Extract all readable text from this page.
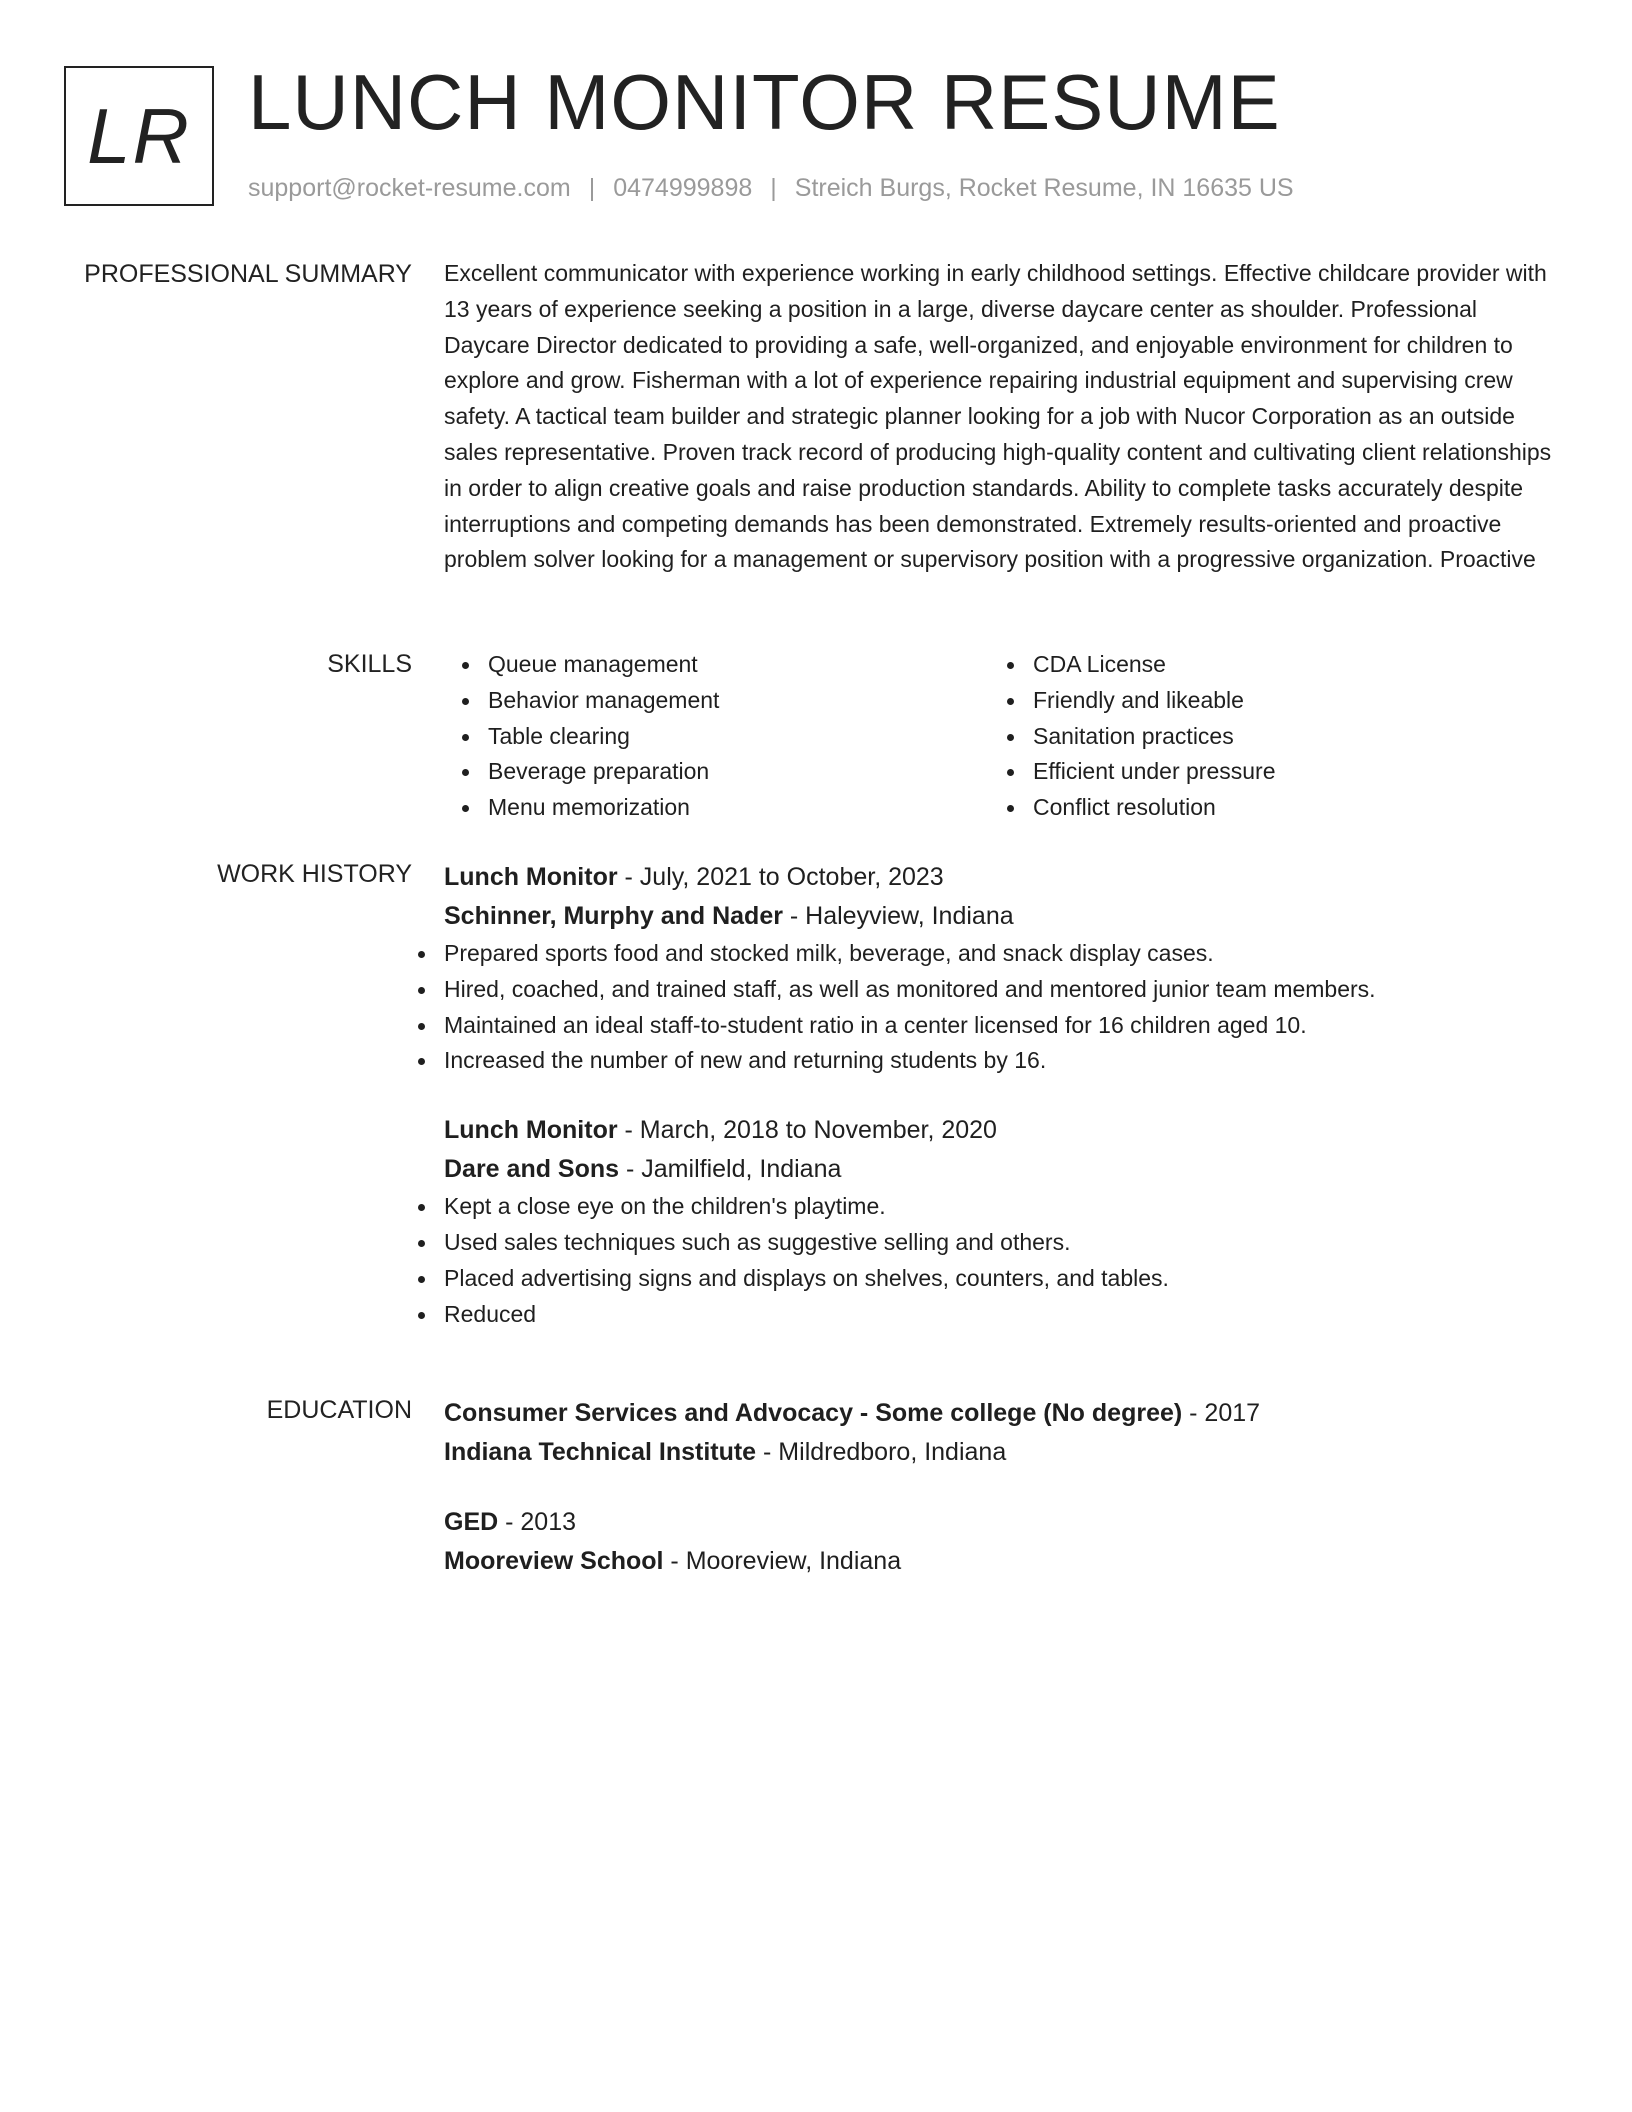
LR LUNCH MONITOR RESUME
support@rocket-resume.com | 0474999898 | Streich Burgs, Rocket Resume, IN 16635 US
PROFESSIONAL SUMMARY Excellent communicator with experience working in early childhood settings. Effective childcare provider with 13 years of experience seeking a position in a large, diverse daycare center as shoulder. Professional Daycare Director dedicated to providing a safe, well-organized, and enjoyable environment for children to explore and grow. Fisherman with a lot of experience repairing industrial equipment and supervising crew safety. A tactical team builder and strategic planner looking for a job with Nucor Corporation as an outside sales representative. Proven track record of producing high-quality content and cultivating client relationships in order to align creative goals and raise production standards. Ability to complete tasks accurately despite interruptions and competing demands has been demonstrated. Extremely results-oriented and proactive problem solver looking for a management or supervisory position with a progressive organization. Proactive

SKILLS	Queue management
Behavior management
Table clearing
Beverage preparation
Menu memorization
CDA License
Friendly and likeable
Sanitation practices
Efficient under pressure
Conflict resolution
WORK HISTORY Lunch Monitor - July, 2021 to October, 2023
Schinner, Murphy and Nader - Haleyview, Indiana
Prepared sports food and stocked milk, beverage, and snack display cases.
Hired, coached, and trained staff, as well as monitored and mentored junior team members.
Maintained an ideal staff-to-student ratio in a center licensed for 16 children aged 10.
Increased the number of new and returning students by 16.
Lunch Monitor - March, 2018 to November, 2020
Dare and Sons - Jamilfield, Indiana
Kept a close eye on the children's playtime.
Used sales techniques such as suggestive selling and others.
Placed advertising signs and displays on shelves, counters, and tables.
Reduced
EDUCATION Consumer Services and Advocacy - Some college (No degree) - 2017
Indiana Technical Institute - Mildredboro, Indiana
GED - 2013
Mooreview School - Mooreview, Indiana
